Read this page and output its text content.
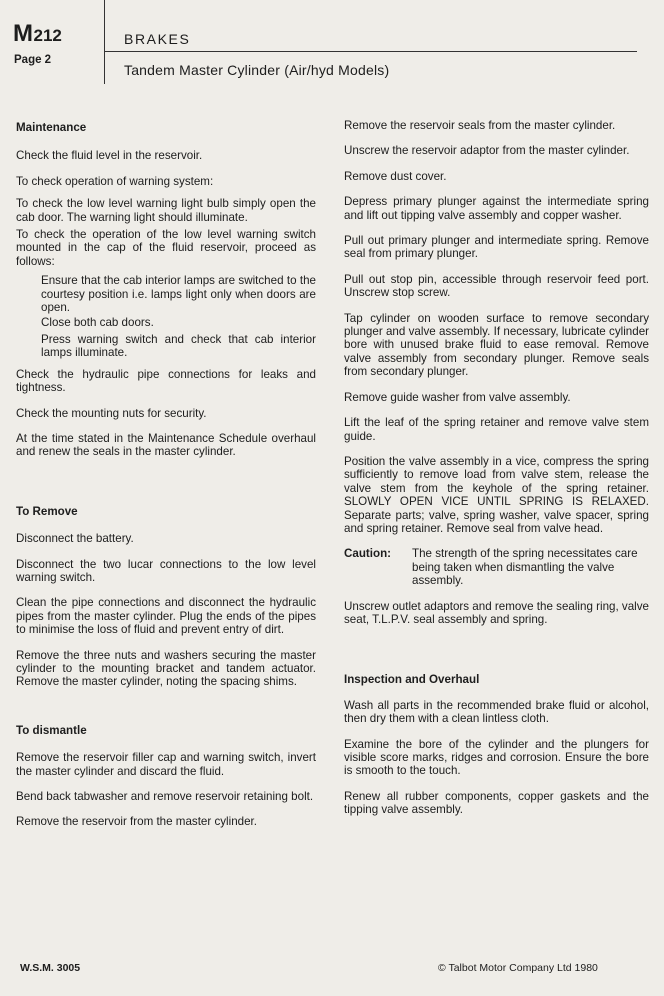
M212
Page 2
BRAKES
Tandem Master Cylinder (Air/hyd Models)
Maintenance

Check the fluid level in the reservoir.

To check operation of warning system:

To check the low level warning light bulb simply open the cab door. The warning light should illuminate.

To check the operation of the low level warning switch mounted in the cap of the fluid reservoir, proceed as follows:

Ensure that the cab interior lamps are switched to the courtesy position i.e. lamps light only when doors are open.

Close both cab doors.

Press warning switch and check that cab interior lamps illuminate.

Check the hydraulic pipe connections for leaks and tightness.

Check the mounting nuts for security.

At the time stated in the Maintenance Schedule overhaul and renew the seals in the master cylinder.

To Remove

Disconnect the battery.

Disconnect the two lucar connections to the low level warning switch.

Clean the pipe connections and disconnect the hydraulic pipes from the master cylinder. Plug the ends of the pipes to minimise the loss of fluid and prevent entry of dirt.

Remove the three nuts and washers securing the master cylinder to the mounting bracket and tandem actuator. Remove the master cylinder, noting the spacing shims.

To dismantle

Remove the reservoir filler cap and warning switch, invert the master cylinder and discard the fluid.

Bend back tabwasher and remove reservoir retaining bolt.

Remove the reservoir from the master cylinder.

Remove the reservoir seals from the master cylinder.

Unscrew the reservoir adaptor from the master cylinder.

Remove dust cover.

Depress primary plunger against the intermediate spring and lift out tipping valve assembly and copper washer.

Pull out primary plunger and intermediate spring. Remove seal from primary plunger.

Pull out stop pin, accessible through reservoir feed port. Unscrew stop screw.

Tap cylinder on wooden surface to remove secondary plunger and valve assembly. If necessary, lubricate cylinder bore with unused brake fluid to ease removal. Remove valve assembly from secondary plunger. Remove seals from secondary plunger.

Remove guide washer from valve assembly.

Lift the leaf of the spring retainer and remove valve stem guide.

Position the valve assembly in a vice, compress the spring sufficiently to remove load from valve stem, release the valve stem from the keyhole of the spring retainer. SLOWLY OPEN VICE UNTIL SPRING IS RELAXED. Separate parts; valve, spring washer, valve spacer, spring and spring retainer. Remove seal from valve head.

Caution:	The strength of the spring necessitates care being taken when dismantling the valve assembly.

Unscrew outlet adaptors and remove the sealing ring, valve seat, T.L.P.V. seal assembly and spring.

Inspection and Overhaul

Wash all parts in the recommended brake fluid or alcohol, then dry them with a clean lintless cloth.

Examine the bore of the cylinder and the plungers for visible score marks, ridges and corrosion. Ensure the bore is smooth to the touch.

Renew all rubber components, copper gaskets and the tipping valve assembly.

W.S.M. 3005	© Talbot Motor Company Ltd 1980
